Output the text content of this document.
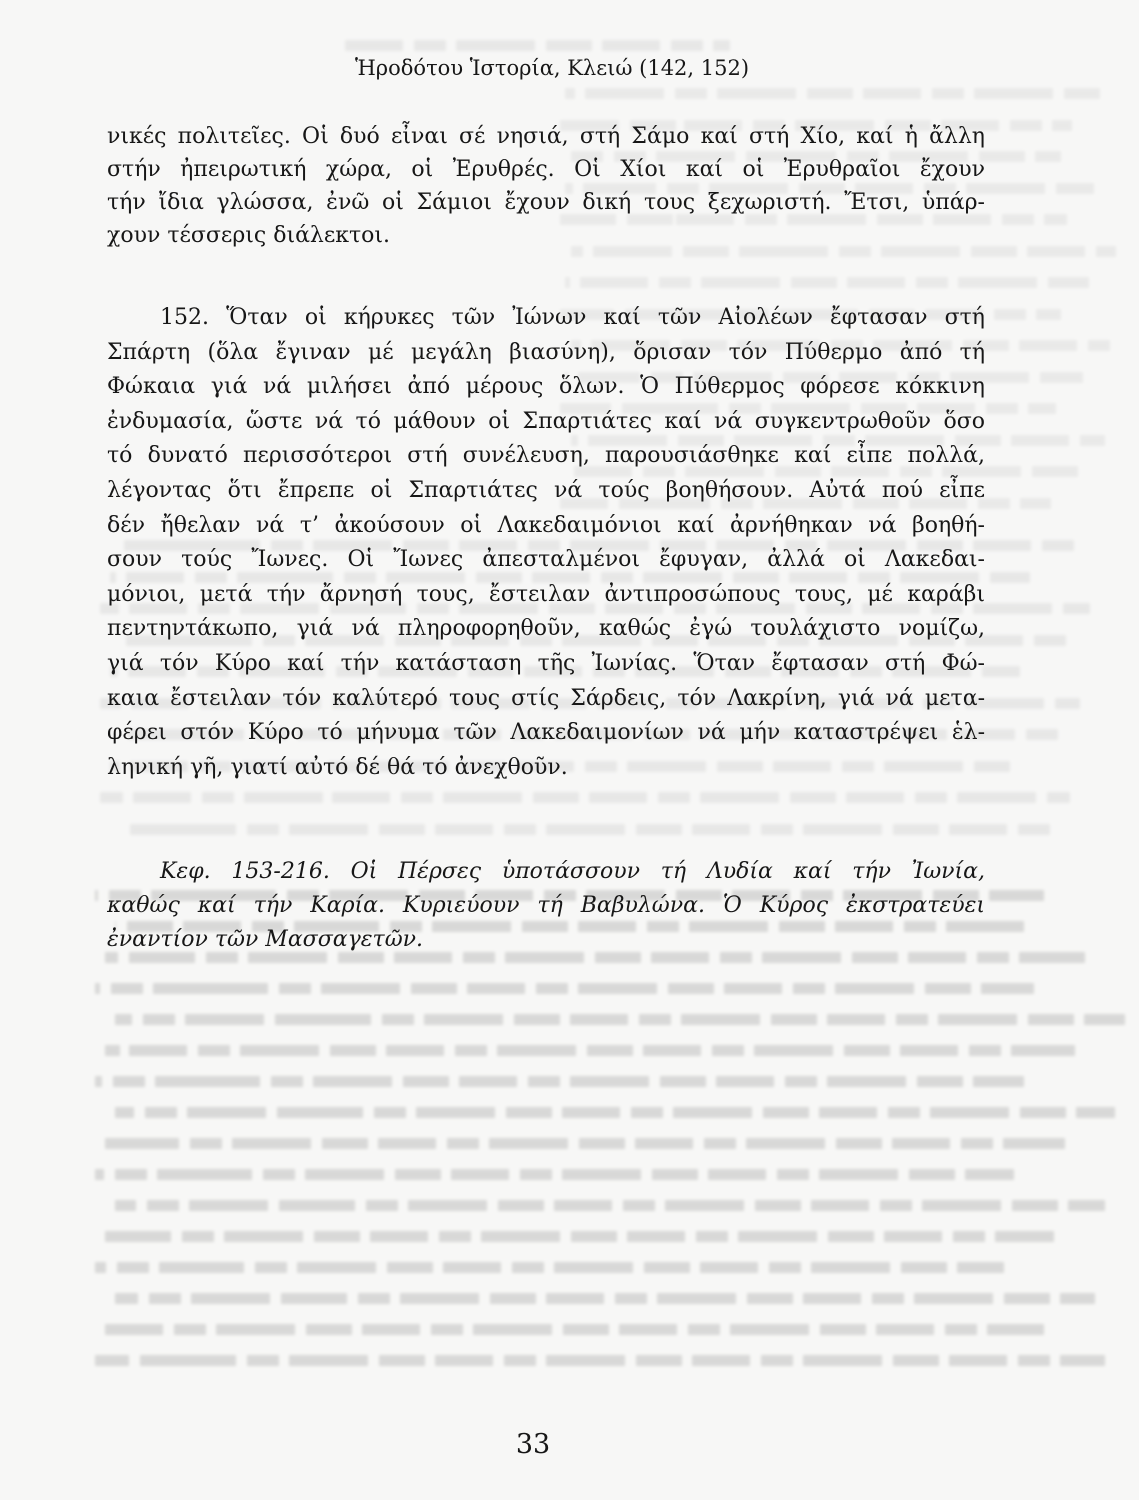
Ἡροδότου Ἱστορία, Κλειώ (142, 152)
νικές πολιτεῖες. Οἱ δυό εἶναι σέ νησιά, στή Σάμο καί στή Χίο, καί ἡ ἄλλη
στήν ἠπειρωτική χώρα, οἱ Ἐρυθρές. Οἱ Χίοι καί οἱ Ἐρυθραῖοι ἔχουν
τήν ἴδια γλώσσα, ἐνῶ οἱ Σάμιοι ἔχουν δική τους ξεχωριστή. Ἔτσι, ὑπάρ-
χουν τέσσερις διάλεκτοι.
152. Ὅταν οἱ κήρυκες τῶν Ἰώνων καί τῶν Αἰολέων ἔφτασαν στή
Σπάρτη (ὅλα ἔγιναν μέ μεγάλη βιασύνη), ὅρισαν τόν Πύθερμο ἀπό τή
Φώκαια γιά νά μιλήσει ἀπό μέρους ὅλων. Ὁ Πύθερμος φόρεσε κόκκινη
ἐνδυμασία, ὥστε νά τό μάθουν οἱ Σπαρτιάτες καί νά συγκεντρωθοῦν ὅσο
τό δυνατό περισσότεροι στή συνέλευση, παρουσιάσθηκε καί εἶπε πολλά,
λέγοντας ὅτι ἔπρεπε οἱ Σπαρτιάτες νά τούς βοηθήσουν. Αὐτά πού εἶπε
δέν ἤθελαν νά τ’ ἀκούσουν οἱ Λακεδαιμόνιοι καί ἀρνήθηκαν νά βοηθή-
σουν τούς Ἴωνες. Οἱ Ἴωνες ἀπεσταλμένοι ἔφυγαν, ἀλλά οἱ Λακεδαι-
μόνιοι, μετά τήν ἄρνησή τους, ἔστειλαν ἀντιπροσώπους τους, μέ καράβι
πεντηντάκωπο, γιά νά πληροφορηθοῦν, καθώς ἐγώ τουλάχιστο νομίζω,
γιά τόν Κύρο καί τήν κατάσταση τῆς Ἰωνίας. Ὅταν ἔφτασαν στή Φώ-
καια ἔστειλαν τόν καλύτερό τους στίς Σάρδεις, τόν Λακρίνη, γιά νά μετα-
φέρει στόν Κύρο τό μήνυμα τῶν Λακεδαιμονίων νά μήν καταστρέψει ἑλ-
ληνική γῆ, γιατί αὐτό δέ θά τό ἀνεχθοῦν.
Κεφ. 153-216. Οἱ Πέρσες ὑποτάσσουν τή Λυδία καί τήν Ἰωνία,
καθώς καί τήν Καρία. Κυριεύουν τή Βαβυλώνα. Ὁ Κύρος ἐκστρατεύει
ἐναντίον τῶν Μασσαγετῶν.
33
